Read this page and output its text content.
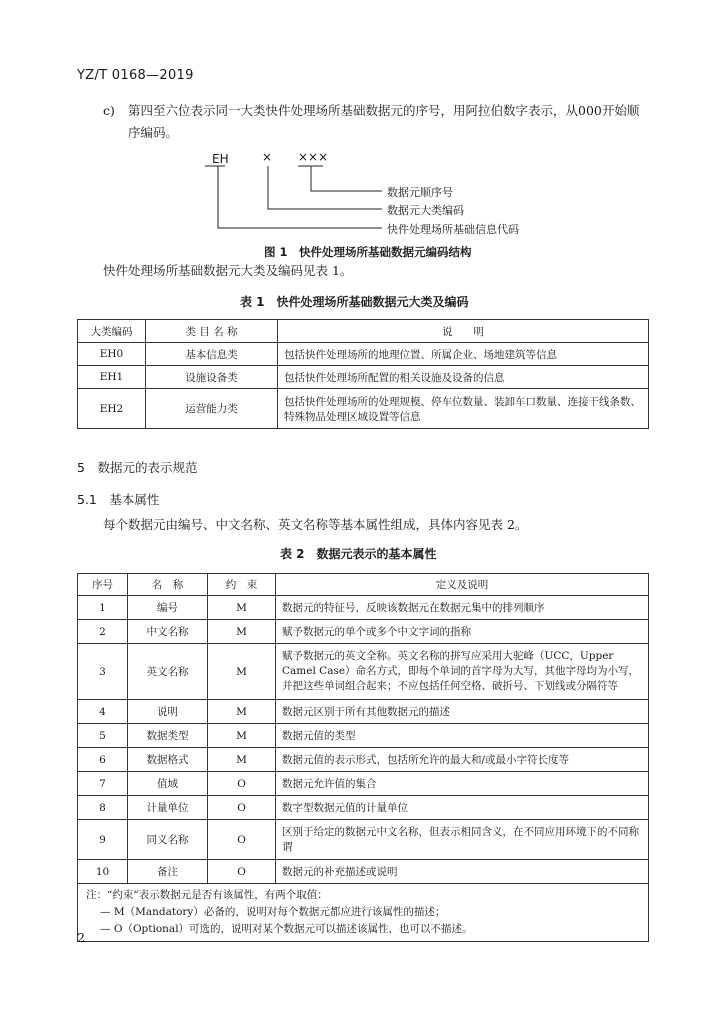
YZ/T 0168—2019
c) 第四至六位表示同一大类快件处理场所基础数据元的序号，用阿拉伯数字表示，从000开始顺
序编码。
EH	× ×××
数据元顺序号
数据元大类编码
快件处理场所基础信息代码
图 1　快件处理场所基础数据元编码结构
快件处理场所基础数据元大类及编码见表 1。
表 1　快件处理场所基础数据元大类及编码
大类编码	类 目 名 称	说　　明
EH0	基本信息类	包括快件处理场所的地理位置、所属企业、场地建筑等信息
EH1	设施设备类	包括快件处理场所配置的相关设施及设备的信息
EH2	运营能力类	包括快件处理场所的处理规模、停车位数量、装卸车口数量、连接干线条数、特殊物品处理区域设置等信息
5　数据元的表示规范
5.1　基本属性
每个数据元由编号、中文名称、英文名称等基本属性组成，具体内容见表 2。
表 2　数据元表示的基本属性
序号	名　称	约　束	定义及说明
1	编号	M	数据元的特征号，反映该数据元在数据元集中的排列顺序
2	中文名称	M	赋予数据元的单个或多个中文字词的指称
3	英文名称	M	赋予数据元的英文全称。英文名称的拼写应采用大驼峰（UCC，Upper Camel Case）命名方式，即每个单词的首字母为大写，其他字母均为小写，并把这些单词组合起来；不应包括任何空格、破折号、下划线或分隔符等
4	说明	M	数据元区别于所有其他数据元的描述
5	数据类型	M	数据元值的类型
6	数据格式	M	数据元值的表示形式，包括所允许的最大和/或最小字符长度等
7	值域	O	数据元允许值的集合
8	计量单位	O	数字型数据元值的计量单位
9	同义名称	O	区别于给定的数据元中文名称，但表示相同含义，在不同应用环境下的不同称谓
10	备注	O	数据元的补充描述或说明

注：“约束”表示数据元是否有该属性，有两个取值：
— M（Mandatory）必备的，说明对每个数据元都应进行该属性的描述；
— O（Optional）可选的，说明对某个数据元可以描述该属性，也可以不描述。			
2
